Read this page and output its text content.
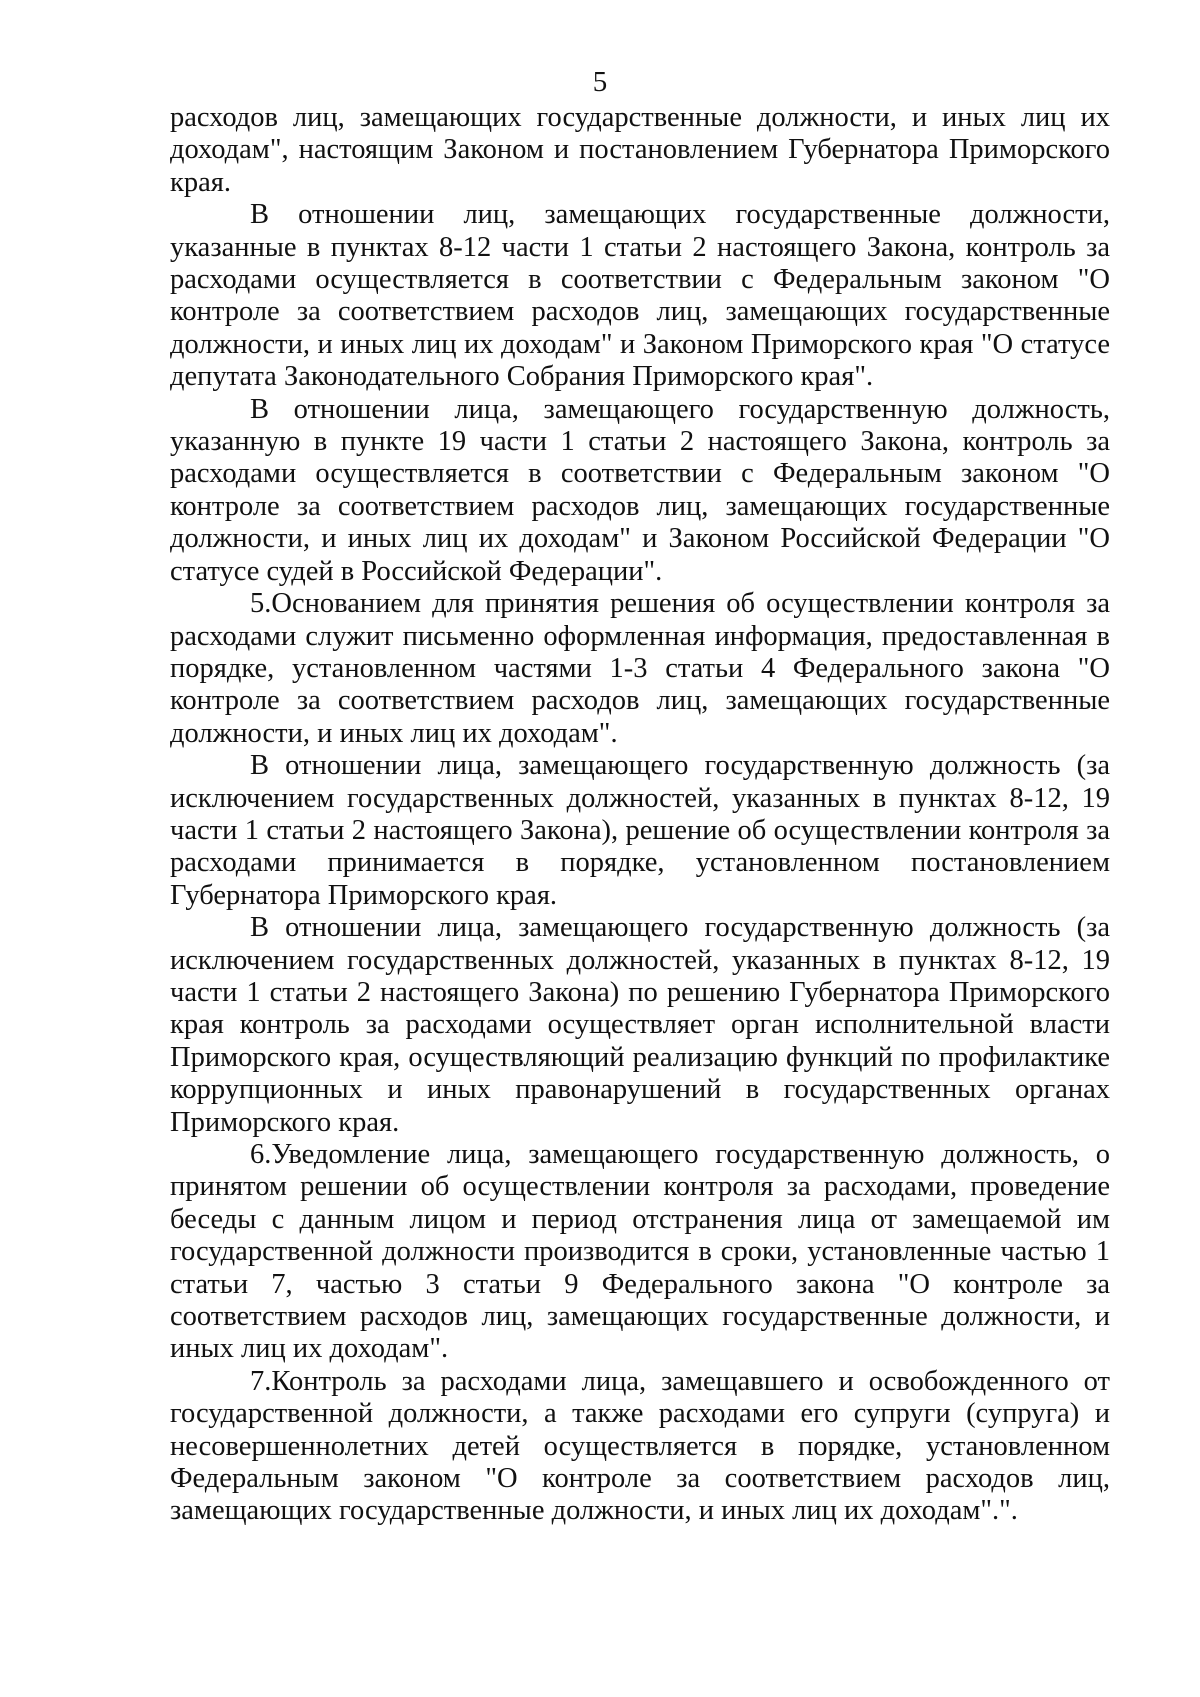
5

расходов лиц, замещающих государственные должности, и иных лиц их доходам", настоящим Законом и постановлением Губернатора Приморского края.

В отношении лиц, замещающих государственные должности, указанные в пунктах 8-12 части 1 статьи 2 настоящего Закона, контроль за расходами осуществляется в соответствии с Федеральным законом "О контроле за соответствием расходов лиц, замещающих государственные должности, и иных лиц их доходам" и Законом Приморского края "О статусе депутата Законодательного Собрания Приморского края".

В отношении лица, замещающего государственную должность, указанную в пункте 19 части 1 статьи 2 настоящего Закона, контроль за расходами осуществляется в соответствии с Федеральным законом "О контроле за соответствием расходов лиц, замещающих государственные должности, и иных лиц их доходам" и Законом Российской Федерации "О статусе судей в Российской Федерации".

5.Основанием для принятия решения об осуществлении контроля за расходами служит письменно оформленная информация, предоставленная в порядке, установленном частями 1-3 статьи 4 Федерального закона "О контроле за соответствием расходов лиц, замещающих государственные должности, и иных лиц их доходам".

В отношении лица, замещающего государственную должность (за исключением государственных должностей, указанных в пунктах 8-12, 19 части 1 статьи 2 настоящего Закона), решение об осуществлении контроля за расходами принимается в порядке, установленном постановлением Губернатора Приморского края.

В отношении лица, замещающего государственную должность (за исключением государственных должностей, указанных в пунктах 8-12, 19 части 1 статьи 2 настоящего Закона) по решению Губернатора Приморского края контроль за расходами осуществляет орган исполнительной власти Приморского края, осуществляющий реализацию функций по профилактике коррупционных и иных правонарушений в государственных органах Приморского края.

6.Уведомление лица, замещающего государственную должность, о принятом решении об осуществлении контроля за расходами, проведение беседы с данным лицом и период отстранения лица от замещаемой им государственной должности производится в сроки, установленные частью 1 статьи 7, частью 3 статьи 9 Федерального закона "О контроле за соответствием расходов лиц, замещающих государственные должности, и иных лиц их доходам".

7.Контроль за расходами лица, замещавшего и освобожденного от государственной должности, а также расходами его супруги (супруга) и несовершеннолетних детей осуществляется в порядке, установленном Федеральным законом "О контроле за соответствием расходов лиц, замещающих государственные должности, и иных лиц их доходам".".
